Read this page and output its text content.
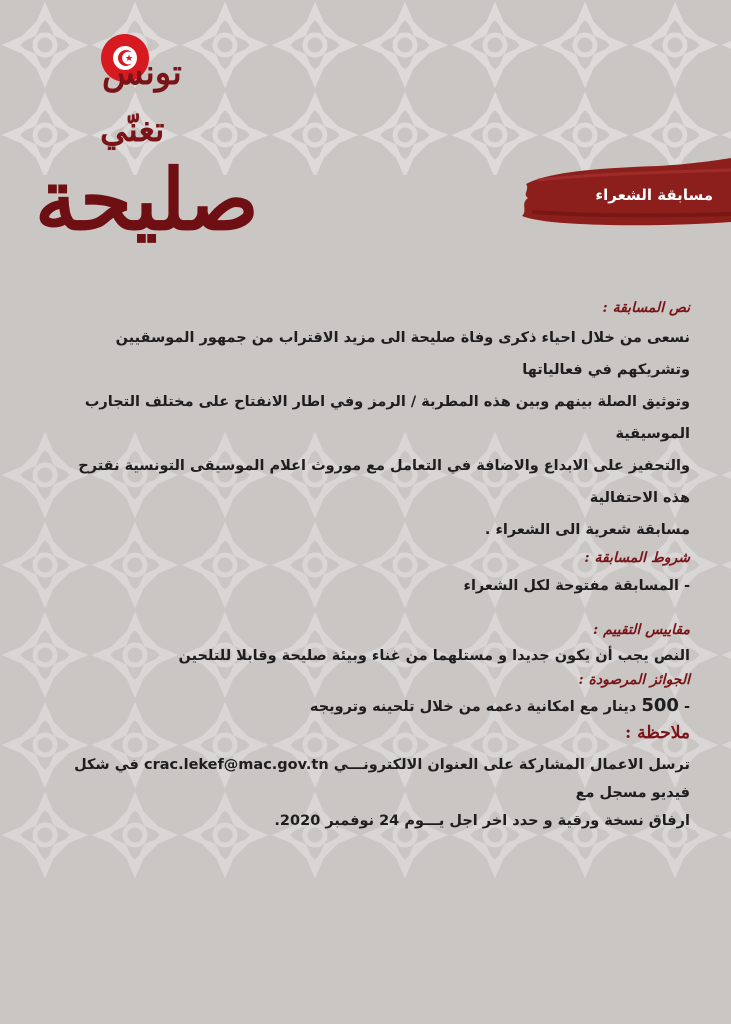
تونس
تغنّي
صليحة	مسابقة الشعراء
نص المسابقة :
نسعى من خلال احياء ذكرى وفاة صليحة الى مزيد الاقتراب من جمهور الموسقيين وتشريكهم في فعالياتها
وتوثيق الصلة بينهم وبين هذه المطربة / الرمز وفي اطار الانفتاح على مختلف التجارب الموسيقية
والتحفيز على الابداع والاضافة في التعامل مع موروث اعلام الموسيقى التونسية نقترح هذه الاحتفالية
مسابقة شعرية الى الشعراء .
شروط المسابقة :
- المسابقة مفتوحة لكل الشعراء
مقاييس التقييم :
النص يجب أن يكون جديدا و مستلهما من غناء وبيئة صليحة وقابلا للتلحين
الجوائز المرصودة :
- 500 دينار مع امكانية دعمه من خلال تلحينه وترويجه
ملاحظة :
ترسل الاعمال المشاركة على العنوان الالكترونـــي crac.lekef@mac.gov.tn في شكل فيديو مسجل مع
ارفاق نسخة ورقية و حدد اخر اجل يـــوم 24 نوفمبر 2020.
